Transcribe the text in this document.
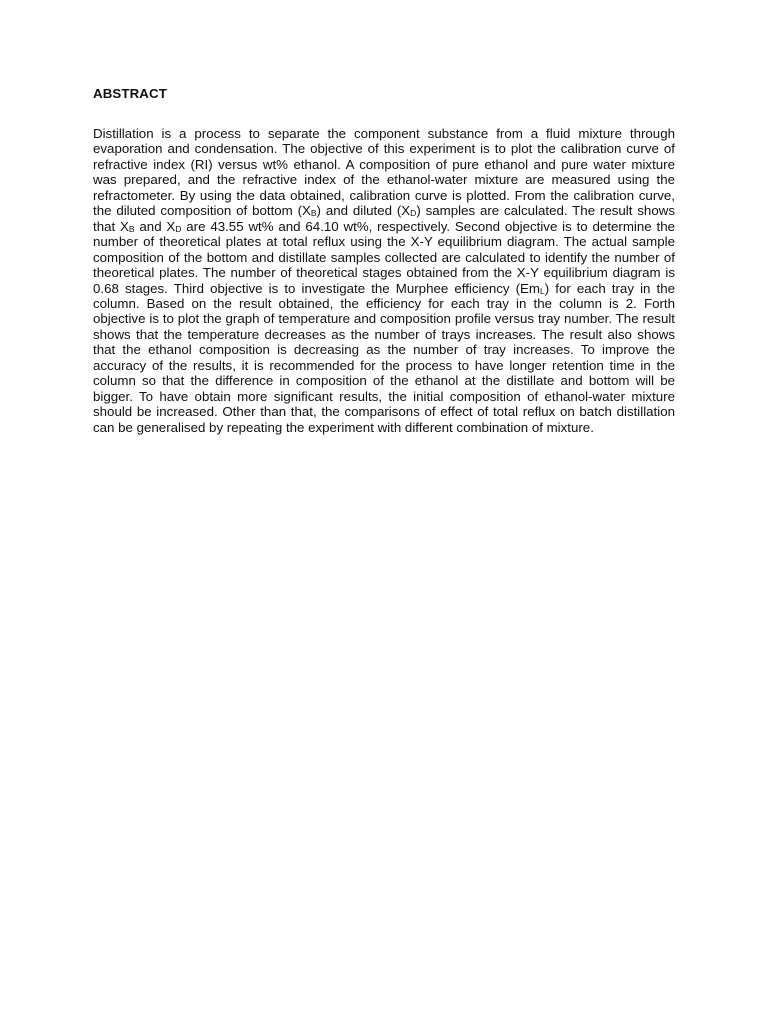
ABSTRACT

Distillation is a process to separate the component substance from a fluid mixture through evaporation and condensation. The objective of this experiment is to plot the calibration curve of refractive index (RI) versus wt% ethanol. A composition of pure ethanol and pure water mixture was prepared, and the refractive index of the ethanol-water mixture are measured using the refractometer. By using the data obtained, calibration curve is plotted. From the calibration curve, the diluted composition of bottom $(X_B)$ and diluted $(X_D)$ samples are calculated. The result shows that $X_B$ and $X_D$ are 43.55 wt% and 64.10 wt%, respectively. Second objective is to determine the number of theoretical plates at total reflux using the X-Y equilibrium diagram. The actual sample composition of the bottom and distillate samples collected are calculated to identify the number of theoretical plates. The number of theoretical stages obtained from the X-Y equilibrium diagram is 0.68 stages. Third objective is to investigate the Murphee efficiency $(Em_L)$ for each tray in the column. Based on the result obtained, the efficiency for each tray in the column is 2. Forth objective is to plot the graph of temperature and composition profile versus tray number. The result shows that the temperature decreases as the number of trays increases. The result also shows that the ethanol composition is decreasing as the number of tray increases. To improve the accuracy of the results, it is recommended for the process to have longer retention time in the column so that the difference in composition of the ethanol at the distillate and bottom will be bigger. To have obtain more significant results, the initial composition of ethanol-water mixture should be increased. Other than that, the comparisons of effect of total reflux on batch distillation can be generalised by repeating the experiment with different combination of mixture.
